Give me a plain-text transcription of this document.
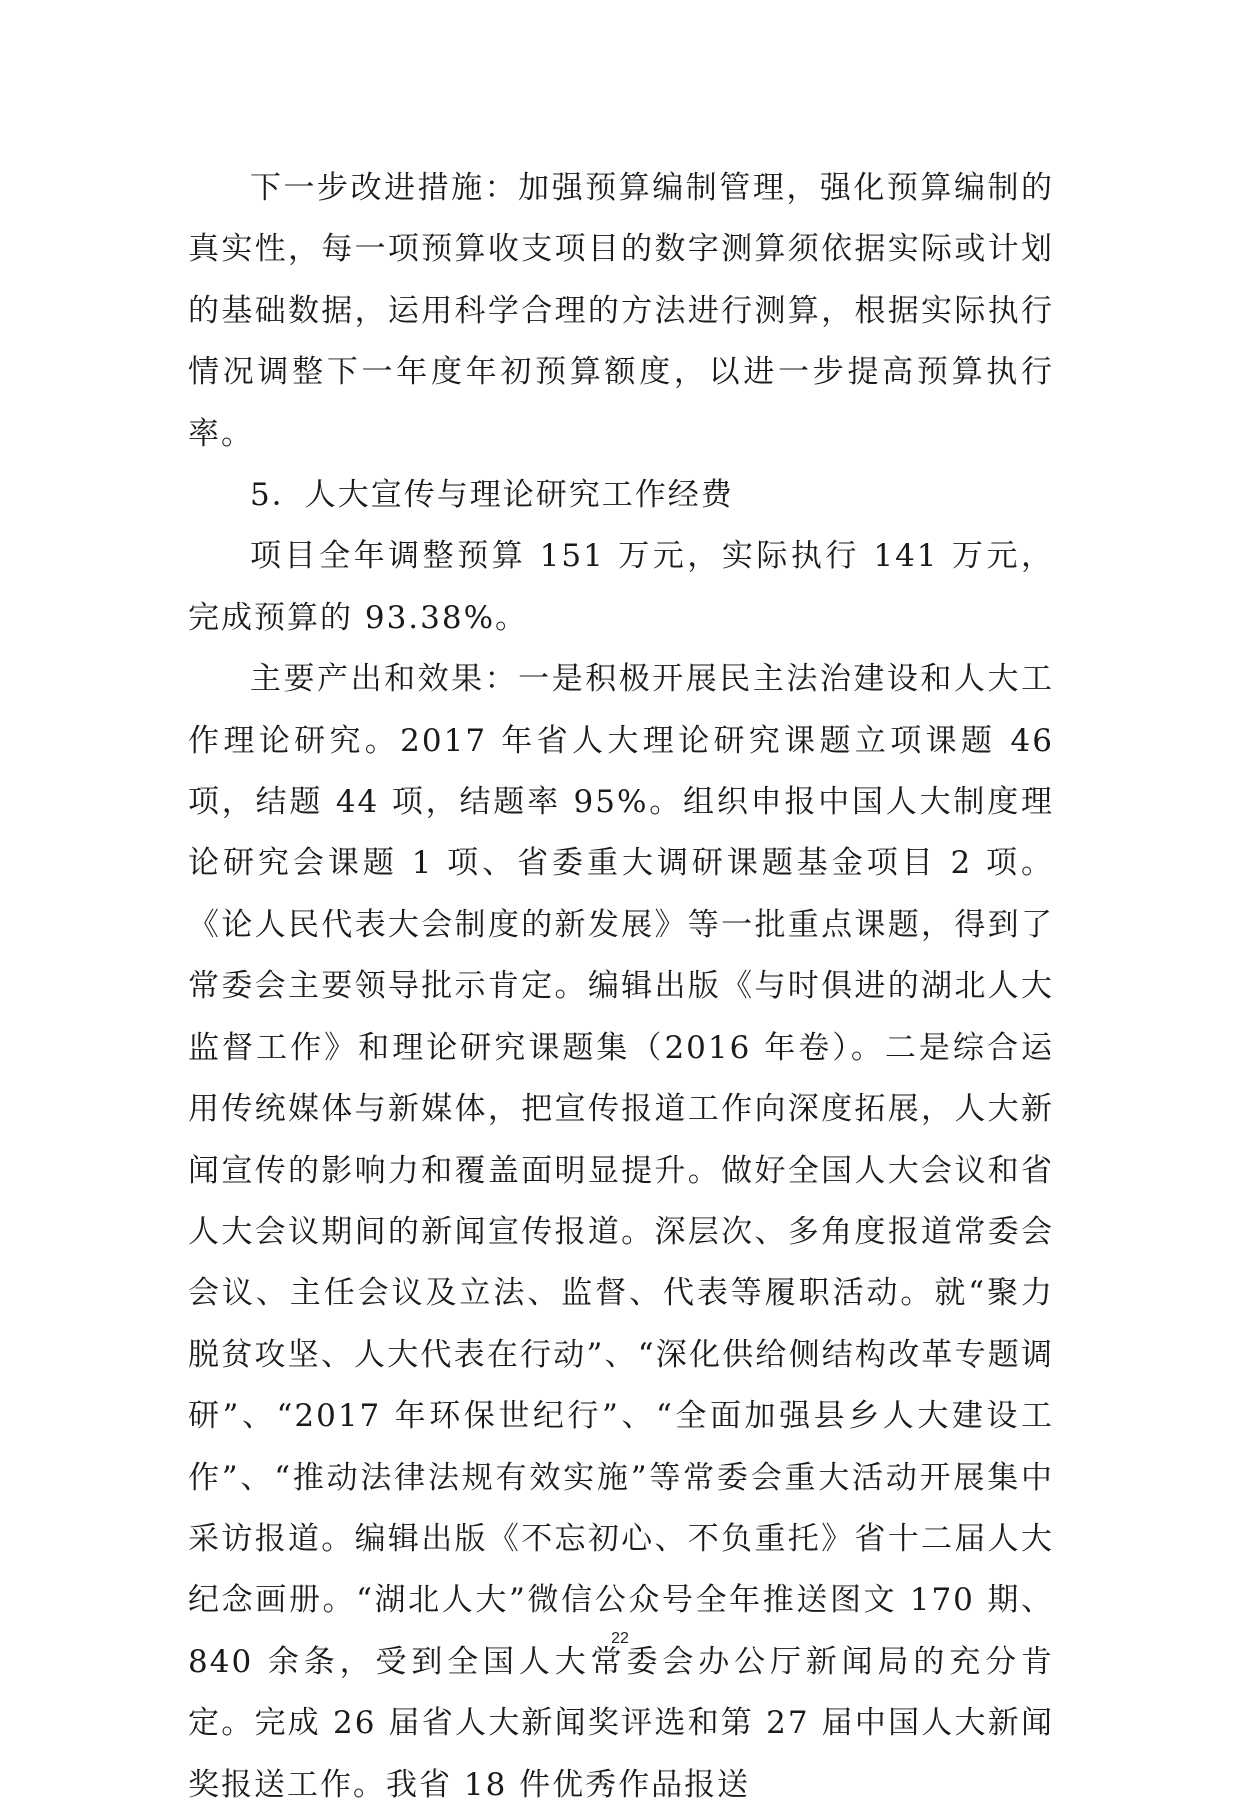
下一步改进措施：加强预算编制管理，强化预算编制的真实性，每一项预算收支项目的数字测算须依据实际或计划的基础数据，运用科学合理的方法进行测算，根据实际执行情况调整下一年度年初预算额度，以进一步提高预算执行率。

5．人大宣传与理论研究工作经费

项目全年调整预算 151 万元，实际执行 141 万元，完成预算的 93.38%。

主要产出和效果：一是积极开展民主法治建设和人大工作理论研究。2017 年省人大理论研究课题立项课题 46 项，结题 44 项，结题率 95%。组织申报中国人大制度理论研究会课题 1 项、省委重大调研课题基金项目 2 项。《论人民代表大会制度的新发展》等一批重点课题，得到了常委会主要领导批示肯定。编辑出版《与时俱进的湖北人大监督工作》和理论研究课题集（2016 年卷）。二是综合运用传统媒体与新媒体，把宣传报道工作向深度拓展，人大新闻宣传的影响力和覆盖面明显提升。做好全国人大会议和省人大会议期间的新闻宣传报道。深层次、多角度报道常委会会议、主任会议及立法、监督、代表等履职活动。就“聚力脱贫攻坚、人大代表在行动”、“深化供给侧结构改革专题调研”、“2017 年环保世纪行”、“全面加强县乡人大建设工作”、“推动法律法规有效实施”等常委会重大活动开展集中采访报道。编辑出版《不忘初心、不负重托》省十二届人大纪念画册。“湖北人大”微信公众号全年推送图文 170 期、840 余条，受到全国人大常委会办公厅新闻局的充分肯定。完成 26 届省人大新闻奖评选和第 27 届中国人大新闻奖报送工作。我省 18 件优秀作品报送

22
